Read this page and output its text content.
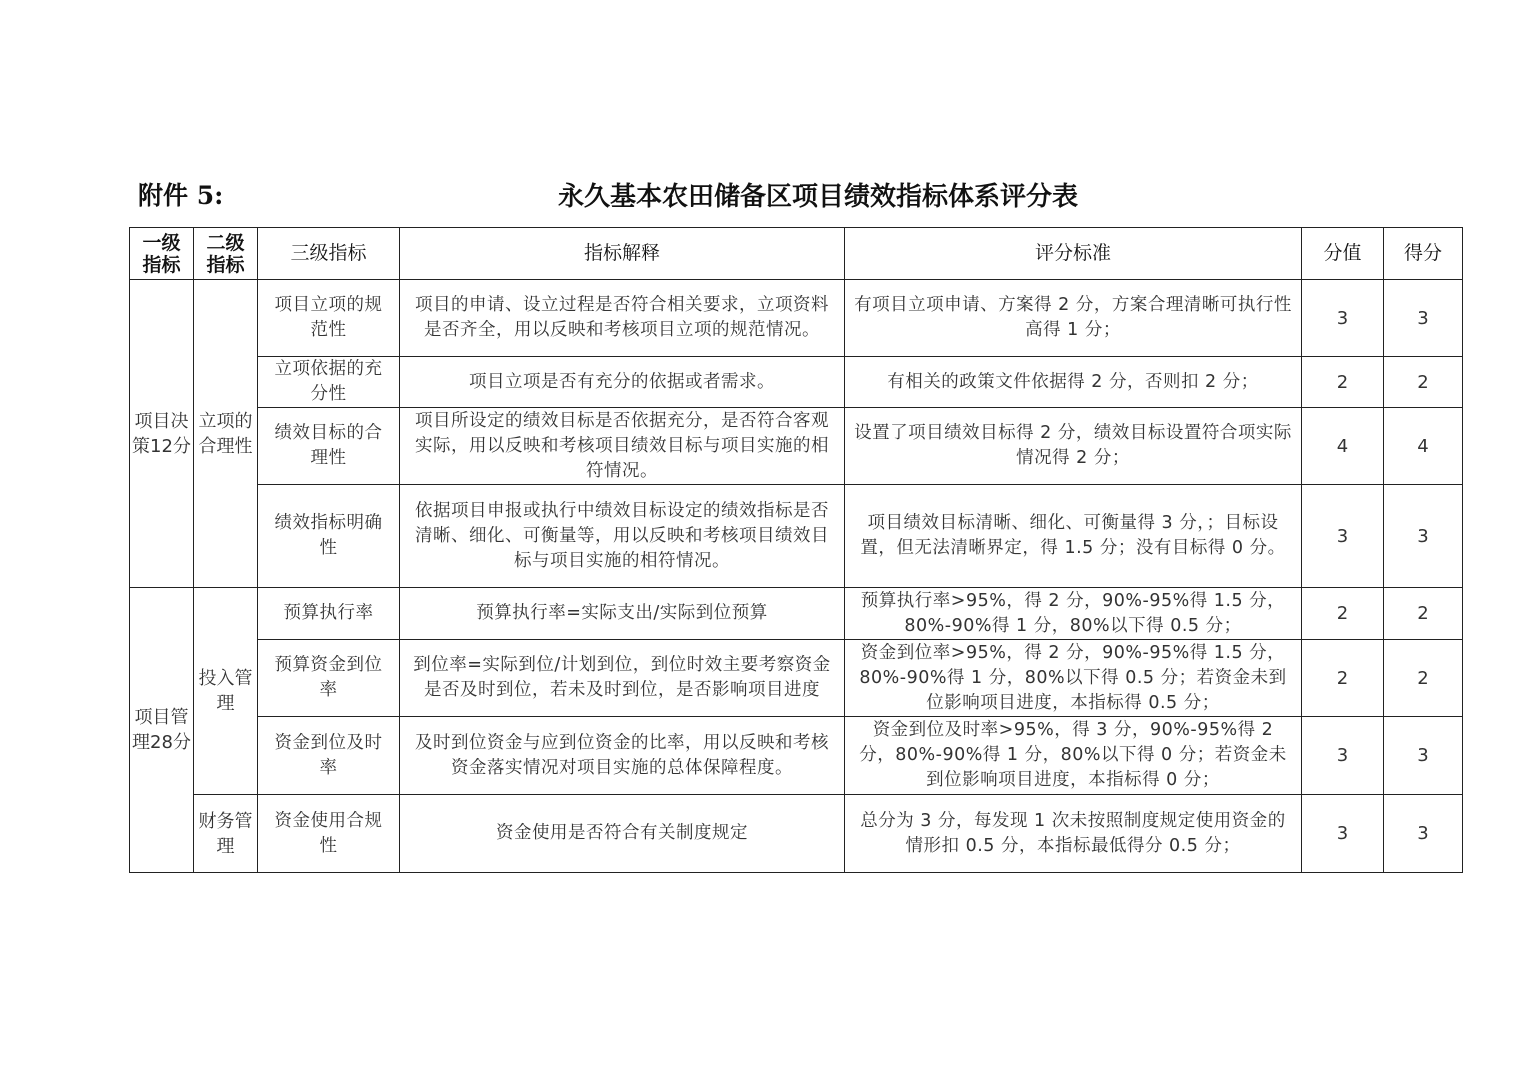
附件 5:	永久基本农田储备区项目绩效指标体系评分表
一级指标	二级指标	三级指标	指标解释	评分标准	分值	得分
项目决策12分	立项的合理性	项目立项的规范性	项目的申请、设立过程是否符合相关要求，立项资料是否齐全，用以反映和考核项目立项的规范情况。	有项目立项申请、方案得 2 分，方案合理清晰可执行性高得 1 分；	3	3
		立项依据的充分性	项目立项是否有充分的依据或者需求。	有相关的政策文件依据得 2 分，否则扣 2 分；	2	2
		绩效目标的合理性	项目所设定的绩效目标是否依据充分，是否符合客观实际，用以反映和考核项目绩效目标与项目实施的相符情况。	设置了项目绩效目标得 2 分，绩效目标设置符合项实际情况得 2 分；	4	4
		绩效指标明确性	依据项目申报或执行中绩效目标设定的绩效指标是否清晰、细化、可衡量等，用以反映和考核项目绩效目标与项目实施的相符情况。	项目绩效目标清晰、细化、可衡量得 3 分，；目标设置，但无法清晰界定，得 1.5 分；没有目标得 0 分。	3	3
项目管理28分	投入管理	预算执行率	预算执行率=实际支出/实际到位预算	预算执行率>95%，得 2 分，90%-95%得 1.5 分，80%-90%得 1 分，80%以下得 0.5 分；	2	2
		预算资金到位率	到位率=实际到位/计划到位，到位时效主要考察资金是否及时到位，若未及时到位，是否影响项目进度	资金到位率>95%，得 2 分，90%-95%得 1.5 分，80%-90%得 1 分，80%以下得 0.5 分；若资金未到位影响项目进度，本指标得 0.5 分；	2	2
		资金到位及时率	及时到位资金与应到位资金的比率，用以反映和考核资金落实情况对项目实施的总体保障程度。	资金到位及时率>95%，得 3 分，90%-95%得 2 分，80%-90%得 1 分，80%以下得 0 分；若资金未到位影响项目进度，本指标得 0 分；	3	3
	财务管理	资金使用合规性	资金使用是否符合有关制度规定	总分为 3 分，每发现 1 次未按照制度规定使用资金的情形扣 0.5 分，本指标最低得分 0.5 分；	3	3
